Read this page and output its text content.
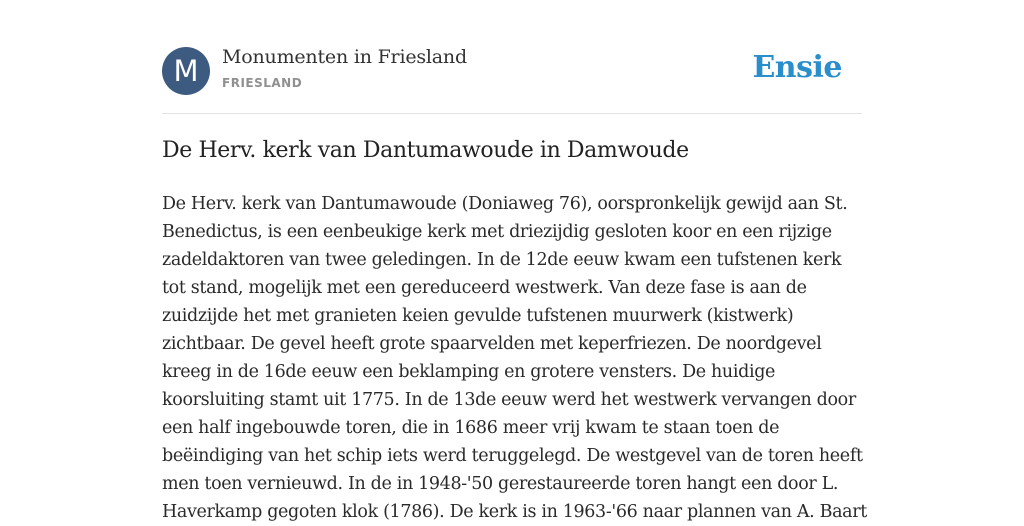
M	Monumenten in Friesland
FRIESLAND	Ensie
De Herv. kerk van Dantumawoude in Damwoude

De Herv. kerk van Dantumawoude (Doniaweg 76), oorspronkelijk gewijd aan St.
Benedictus, is een eenbeukige kerk met driezijdig gesloten koor en een rijzige
zadeldaktoren van twee geledingen. In de 12de eeuw kwam een tufstenen kerk
tot stand, mogelijk met een gereduceerd westwerk. Van deze fase is aan de
zuidzijde het met granieten keien gevulde tufstenen muurwerk (kistwerk)
zichtbaar. De gevel heeft grote spaarvelden met keperfriezen. De noordgevel
kreeg in de 16de eeuw een beklamping en grotere vensters. De huidige
koorsluiting stamt uit 1775. In de 13de eeuw werd het westwerk vervangen door
een half ingebouwde toren, die in 1686 meer vrij kwam te staan toen de
beëindiging van het schip iets werd teruggelegd. De westgevel van de toren heeft
men toen vernieuwd. In de in 1948-'50 gerestaureerde toren hangt een door L.
Haverkamp gegoten klok (1786). De kerk is in 1963-'66 naar plannen van A. Baart
